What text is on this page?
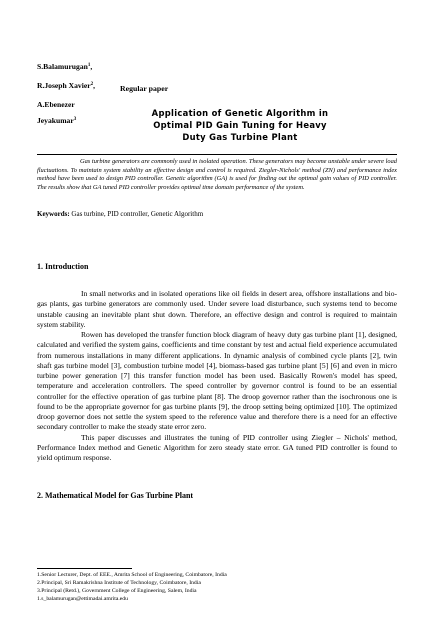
S.Balamurugan$^1$,
R.Joseph Xavier$^2$,
A.Ebenezer
Jeyakumar$^3$
Regular paper
Application of Genetic Algorithm in Optimal PID Gain Tuning for Heavy Duty Gas Turbine Plant

Gas turbine generators are commonly used in isolated operation. These generators may become unstable under severe load fluctuations. To maintain system stability an effective design and control is required. Ziegler-Nichols' method (ZN) and performance index method have been used to design PID controller. Genetic algorithm (GA) is used for finding out the optimal gain values of PID controller. The results show that GA tuned PID controller provides optimal time domain performance of the system.

Keywords: Gas turbine, PID controller, Genetic Algorithm
1. Introduction

In small networks and in isolated operations like oil fields in desert area, offshore installations and bio-gas plants, gas turbine generators are commonly used. Under severe load disturbance, such systems tend to become unstable causing an inevitable plant shut down. Therefore, an effective design and control is required to maintain system stability.

Rowen has developed the transfer function block diagram of heavy duty gas turbine plant [1], designed, calculated and verified the system gains, coefficients and time constant by test and actual field experience accumulated from numerous installations in many different applications. In dynamic analysis of combined cycle plants [2], twin shaft gas turbine model [3], combustion turbine model [4], biomass-based gas turbine plant [5] [6] and even in micro turbine power generation [7] this transfer function model has been used. Basically Rowen's model has speed, temperature and acceleration controllers. The speed controller by governor control is found to be an essential controller for the effective operation of gas turbine plant [8]. The droop governor rather than the isochronous one is found to be the appropriate governor for gas turbine plants [9], the droop setting being optimized [10]. The optimized droop governor does not settle the system speed to the reference value and therefore there is a need for an effective secondary controller to make the steady state error zero.

This paper discusses and illustrates the tuning of PID controller using Ziegler – Nichols' method, Performance Index method and Genetic Algorithm for zero steady state error. GA tuned PID controller is found to yield optimum response.

2. Mathematical Model for Gas Turbine Plant
1.Senior Lecturer, Dept. of EEE., Amrita School of Engineering, Coimbatore, India
2.Principal, Sri Ramakrishna Institute of Technology, Coimbatore, India
3.Principal (Retd.), Government College of Engineering, Salem, India
1.s_balamurugan@ettimadai.amrita.edu
